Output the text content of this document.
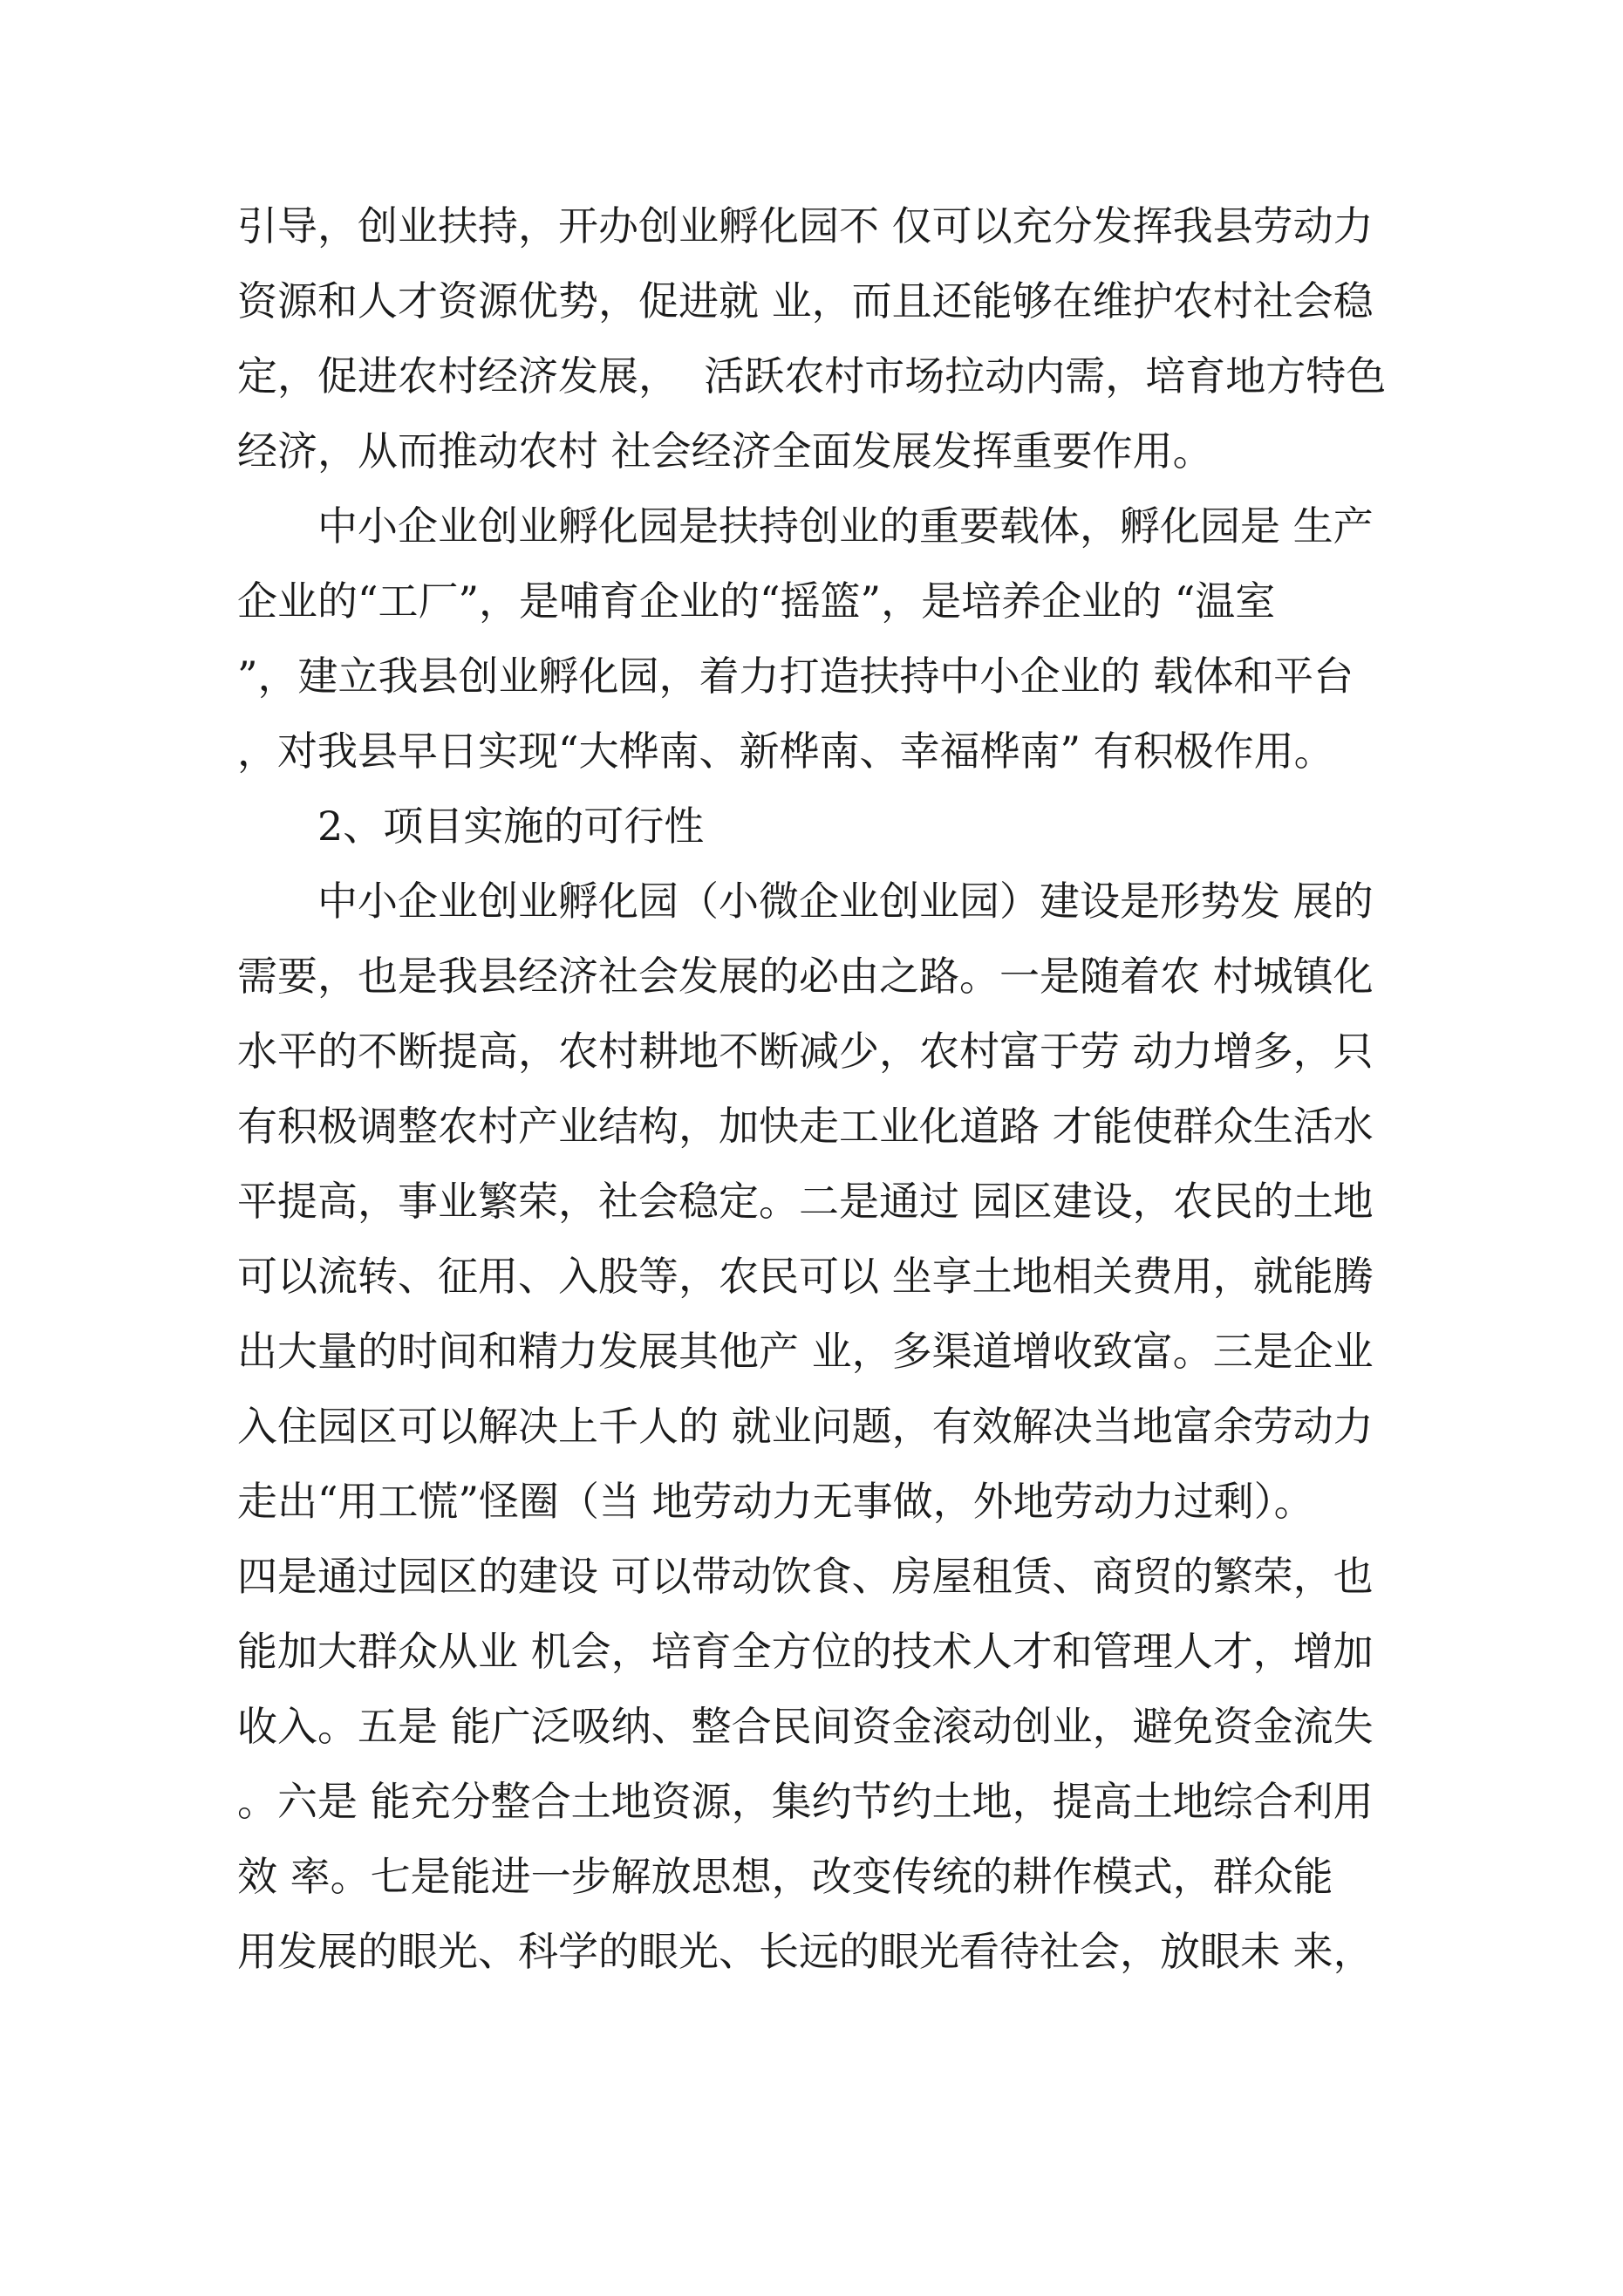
引导，创业扶持，开办创业孵化园不 仅可以充分发挥我县劳动力
资源和人才资源优势，促进就 业，而且还能够在维护农村社会稳
定，促进农村经济发展，  活跃农村市场拉动内需，培育地方特色
经济，从而推动农村 社会经济全面发展发挥重要作用。
中小企业创业孵化园是扶持创业的重要载体，孵化园是 生产
企业的“工厂”，是哺育企业的“摇篮”，是培养企业的 “温室
”，建立我县创业孵化园，着力打造扶持中小企业的 载体和平台
，对我县早日实现“大桦南、新桦南、幸福桦南” 有积极作用。
2、项目实施的可行性
中小企业创业孵化园（小微企业创业园）建设是形势发 展的
需要，也是我县经济社会发展的必由之路。一是随着农 村城镇化
水平的不断提高，农村耕地不断减少，农村富于劳 动力增多，只
有积极调整农村产业结构，加快走工业化道路 才能使群众生活水
平提高，事业繁荣，社会稳定。二是通过 园区建设，农民的土地
可以流转、征用、入股等，农民可以 坐享土地相关费用，就能腾
出大量的时间和精力发展其他产 业，多渠道增收致富。三是企业
入住园区可以解决上千人的 就业问题，有效解决当地富余劳动力
走出“用工慌”怪圈（当 地劳动力无事做，外地劳动力过剩）。
四是通过园区的建设 可以带动饮食、房屋租赁、商贸的繁荣，也
能加大群众从业 机会，培育全方位的技术人才和管理人才，增加
收入。五是 能广泛吸纳、整合民间资金滚动创业，避免资金流失
。六是 能充分整合土地资源，集约节约土地，提高土地综合利用
效 率。七是能进一步解放思想，改变传统的耕作模式，群众能
用发展的眼光、科学的眼光、长远的眼光看待社会，放眼未 来，
